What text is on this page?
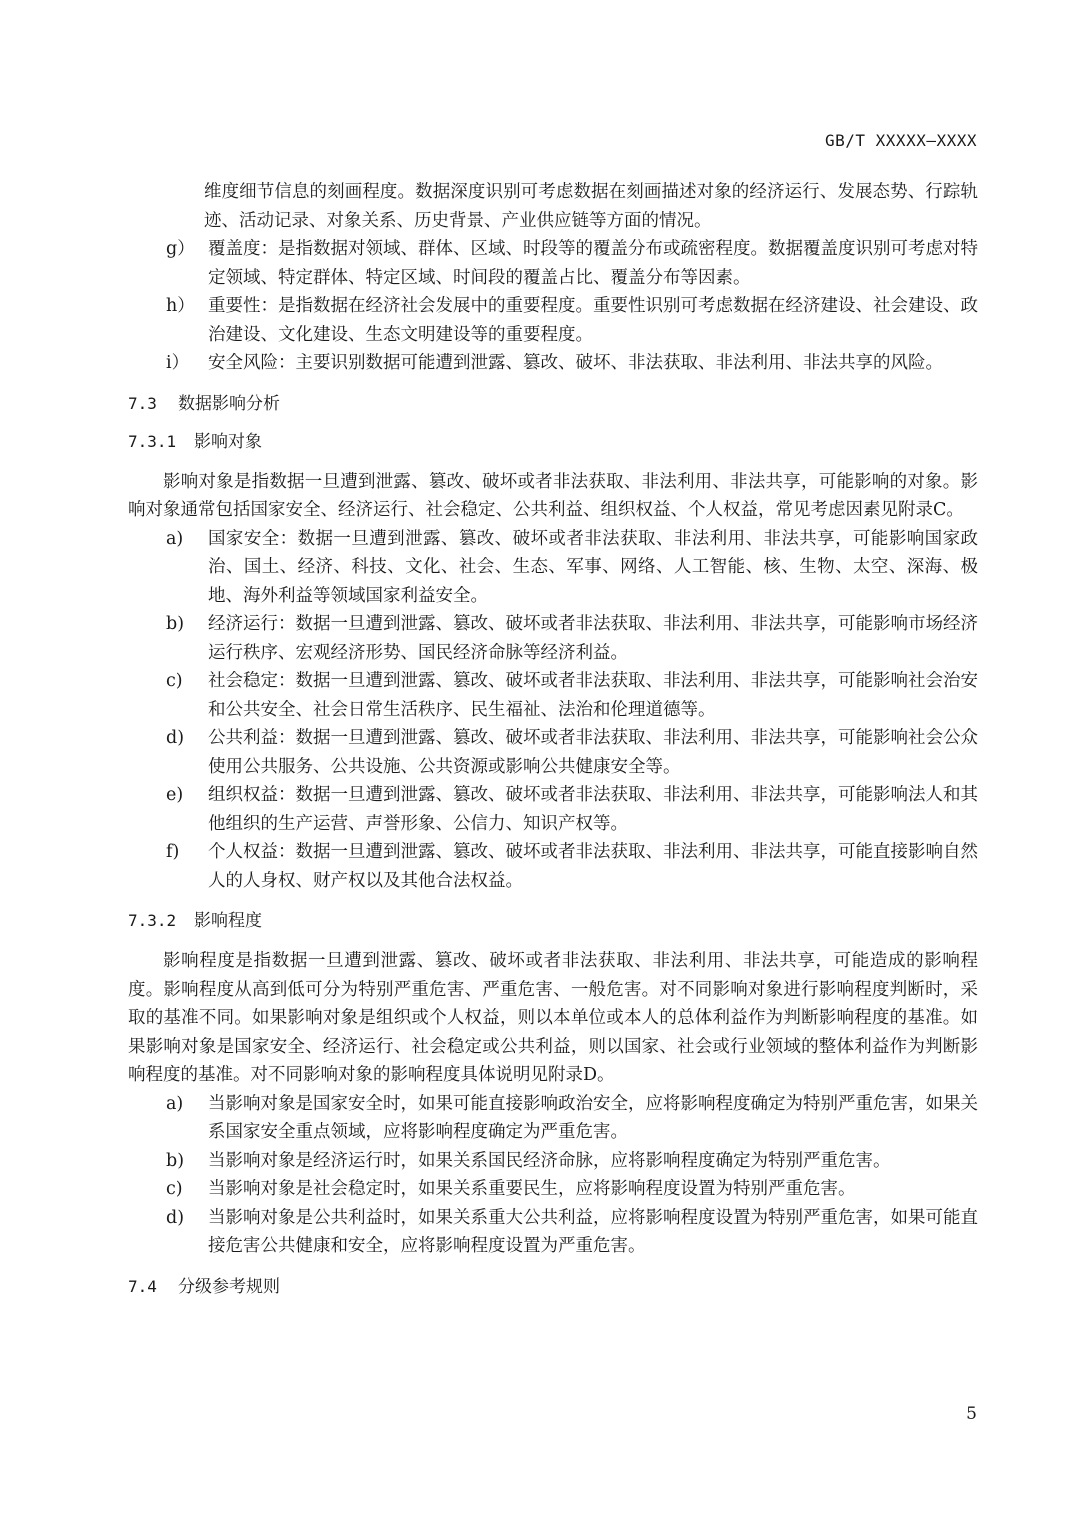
GB/T XXXXX—XXXX

维度细节信息的刻画程度。数据深度识别可考虑数据在刻画描述对象的经济运行、发展态势、行踪轨迹、活动记录、对象关系、历史背景、产业供应链等方面的情况。

g） 覆盖度：是指数据对领域、群体、区域、时段等的覆盖分布或疏密程度。数据覆盖度识别可考虑对特定领域、特定群体、特定区域、时间段的覆盖占比、覆盖分布等因素。
h） 重要性：是指数据在经济社会发展中的重要程度。重要性识别可考虑数据在经济建设、社会建设、政治建设、文化建设、生态文明建设等的重要程度。
i）	安全风险：主要识别数据可能遭到泄露、篡改、破坏、非法获取、非法利用、非法共享的风险。
7.3	数据影响分析
7.3.1	影响对象

影响对象是指数据一旦遭到泄露、篡改、破坏或者非法获取、非法利用、非法共享，可能影响的对象。影响对象通常包括国家安全、经济运行、社会稳定、公共利益、组织权益、个人权益，常见考虑因素见附录C。

a)	国家安全：数据一旦遭到泄露、篡改、破坏或者非法获取、非法利用、非法共享，可能影响国家政治、国土、经济、科技、文化、社会、生态、军事、网络、人工智能、核、生物、太空、深海、极地、海外利益等领域国家利益安全。
b)	经济运行：数据一旦遭到泄露、篡改、破坏或者非法获取、非法利用、非法共享，可能影响市场经济运行秩序、宏观经济形势、国民经济命脉等经济利益。
c)	社会稳定：数据一旦遭到泄露、篡改、破坏或者非法获取、非法利用、非法共享，可能影响社会治安和公共安全、社会日常生活秩序、民生福祉、法治和伦理道德等。
d)	公共利益：数据一旦遭到泄露、篡改、破坏或者非法获取、非法利用、非法共享，可能影响社会公众使用公共服务、公共设施、公共资源或影响公共健康安全等。
e)	组织权益：数据一旦遭到泄露、篡改、破坏或者非法获取、非法利用、非法共享，可能影响法人和其他组织的生产运营、声誉形象、公信力、知识产权等。
f)	个人权益：数据一旦遭到泄露、篡改、破坏或者非法获取、非法利用、非法共享，可能直接影响自然人的人身权、财产权以及其他合法权益。
7.3.2	影响程度

影响程度是指数据一旦遭到泄露、篡改、破坏或者非法获取、非法利用、非法共享，可能造成的影响程度。影响程度从高到低可分为特别严重危害、严重危害、一般危害。对不同影响对象进行影响程度判断时，采取的基准不同。如果影响对象是组织或个人权益，则以本单位或本人的总体利益作为判断影响程度的基准。如果影响对象是国家安全、经济运行、社会稳定或公共利益，则以国家、社会或行业领域的整体利益作为判断影响程度的基准。对不同影响对象的影响程度具体说明见附录D。

a)	当影响对象是国家安全时，如果可能直接影响政治安全，应将影响程度确定为特别严重危害，如果关系国家安全重点领域，应将影响程度确定为严重危害。
b)	当影响对象是经济运行时，如果关系国民经济命脉，应将影响程度确定为特别严重危害。
c)	当影响对象是社会稳定时，如果关系重要民生，应将影响程度设置为特别严重危害。
d)	当影响对象是公共利益时，如果关系重大公共利益，应将影响程度设置为特别严重危害，如果可能直接危害公共健康和安全，应将影响程度设置为严重危害。
7.4	分级参考规则
5
